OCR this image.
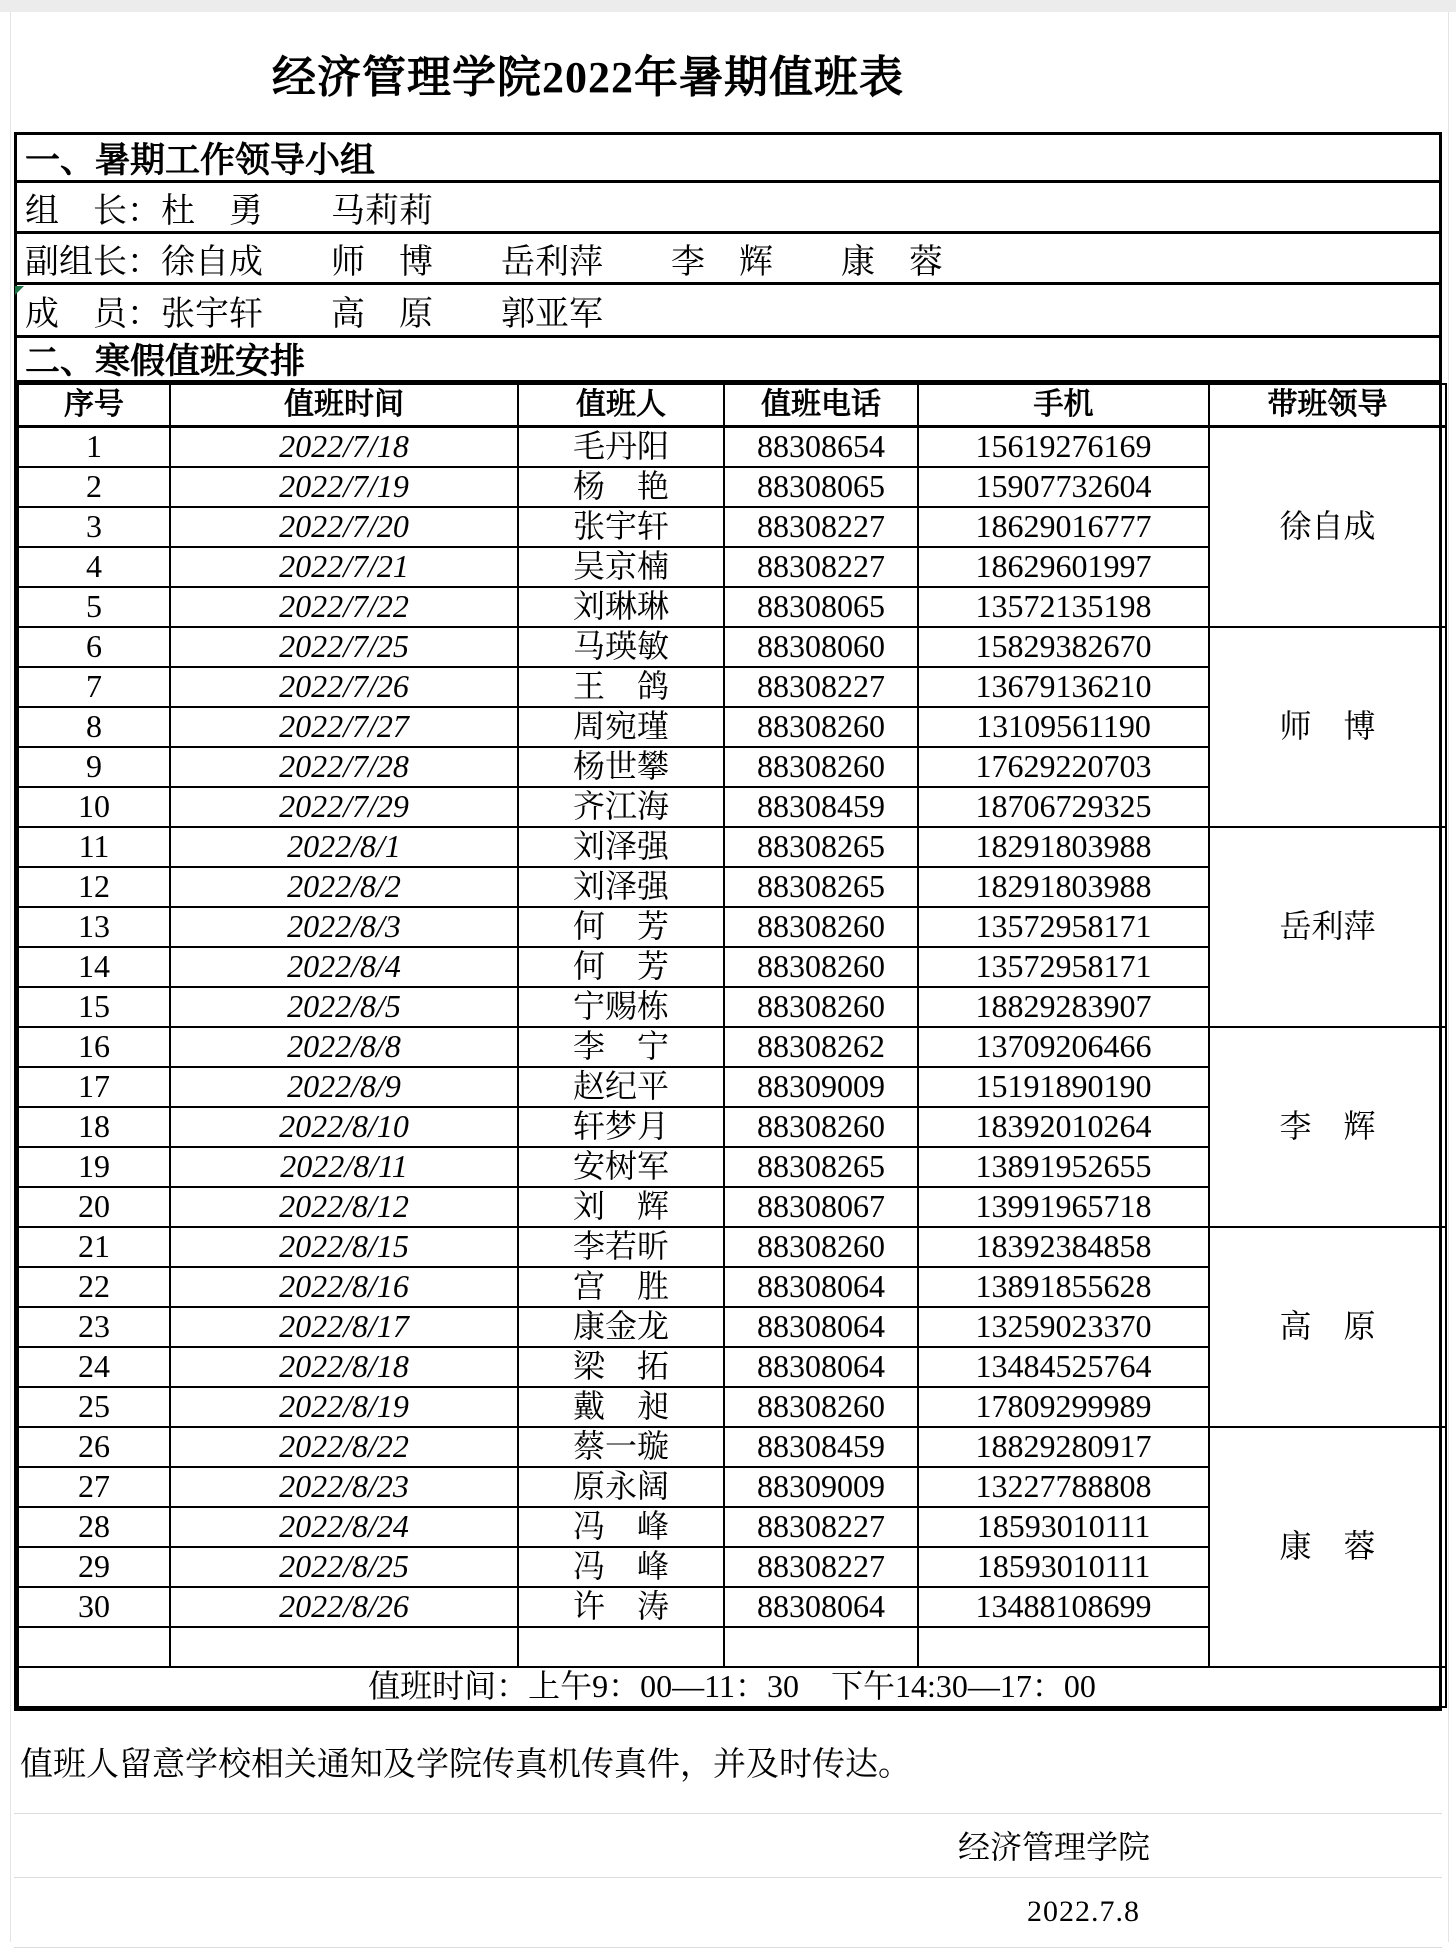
经济管理学院2022年暑期值班表
一、暑期工作领导小组
组　长： 杜　勇　　马莉莉
副组长： 徐自成　　师　博　　岳利萍　　李　辉　　康　蓉
成　员： 张宇轩　　高　原　　郭亚军
二、寒假值班安排
序号	值班时间	值班人	值班电话	手机	带班领导
1	2022/7/18	毛丹阳	88308654	15619276169	徐自成
2	2022/7/19	杨　艳	88308065	15907732604	
3	2022/7/20	张宇轩	88308227	18629016777	
4	2022/7/21	吴京楠	88308227	18629601997	
5	2022/7/22	刘琳琳	88308065	13572135198	
6	2022/7/25	马瑛敏	88308060	15829382670	师　博
7	2022/7/26	王　鸽	88308227	13679136210	
8	2022/7/27	周宛瑾	88308260	13109561190	
9	2022/7/28	杨世攀	88308260	17629220703	
10	2022/7/29	齐江海	88308459	18706729325	
11	2022/8/1	刘泽强	88308265	18291803988	岳利萍
12	2022/8/2	刘泽强	88308265	18291803988	
13	2022/8/3	何　芳	88308260	13572958171	
14	2022/8/4	何　芳	88308260	13572958171	
15	2022/8/5	宁赐栋	88308260	18829283907	
16	2022/8/8	李　宁	88308262	13709206466	李　辉
17	2022/8/9	赵纪平	88309009	15191890190	
18	2022/8/10	轩梦月	88308260	18392010264	
19	2022/8/11	安树军	88308265	13891952655	
20	2022/8/12	刘　辉	88308067	13991965718	
21	2022/8/15	李若昕	88308260	18392384858	高　原
22	2022/8/16	宫　胜	88308064	13891855628	
23	2022/8/17	康金龙	88308064	13259023370	
24	2022/8/18	梁　拓	88308064	13484525764	
25	2022/8/19	戴　昶	88308260	17809299989	
26	2022/8/22	蔡一璇	88308459	18829280917	康　蓉
27	2022/8/23	原永阔	88309009	13227788808	
28	2022/8/24	冯　峰	88308227	18593010111	
29	2022/8/25	冯　峰	88308227	18593010111	
30	2022/8/26	许　涛	88308064	13488108699	

值班时间：上午9：00—11：30　下午14:30—17：00					
值班人留意学校相关通知及学院传真机传真件，并及时传达。
经济管理学院
2022.7.8
